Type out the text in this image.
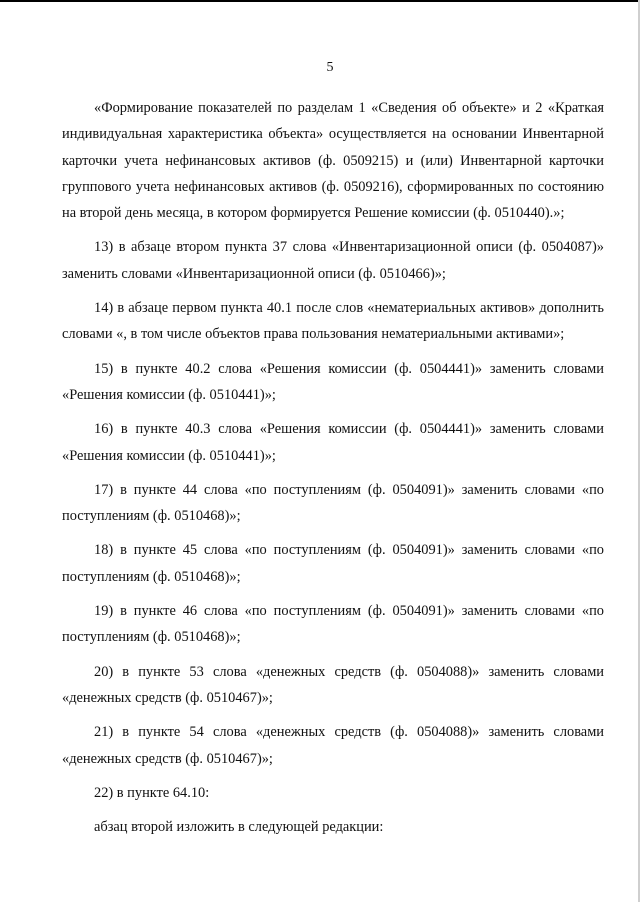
5

«Формирование показателей по разделам 1 «Сведения об объекте» и 2 «Краткая индивидуальная характеристика объекта» осуществляется на основании Инвентарной карточки учета нефинансовых активов (ф. 0509215) и (или) Инвентарной карточки группового учета нефинансовых активов (ф. 0509216), сформированных по состоянию на второй день месяца, в котором формируется Решение комиссии (ф. 0510440).»;

13) в абзаце втором пункта 37 слова «Инвентаризационной описи (ф. 0504087)» заменить словами «Инвентаризационной описи (ф. 0510466)»;

14) в абзаце первом пункта 40.1 после слов «нематериальных активов» дополнить словами «, в том числе объектов права пользования нематериальными активами»;

15) в пункте 40.2 слова «Решения комиссии (ф. 0504441)» заменить словами «Решения комиссии (ф. 0510441)»;

16) в пункте 40.3 слова «Решения комиссии (ф. 0504441)» заменить словами «Решения комиссии (ф. 0510441)»;

17) в пункте 44 слова «по поступлениям (ф. 0504091)» заменить словами «по поступлениям (ф. 0510468)»;

18) в пункте 45 слова «по поступлениям (ф. 0504091)» заменить словами «по поступлениям (ф. 0510468)»;

19) в пункте 46 слова «по поступлениям (ф. 0504091)» заменить словами «по поступлениям (ф. 0510468)»;

20) в пункте 53 слова «денежных средств (ф. 0504088)» заменить словами «денежных средств (ф. 0510467)»;

21) в пункте 54 слова «денежных средств (ф. 0504088)» заменить словами «денежных средств (ф. 0510467)»;

22) в пункте 64.10:

абзац второй изложить в следующей редакции:
